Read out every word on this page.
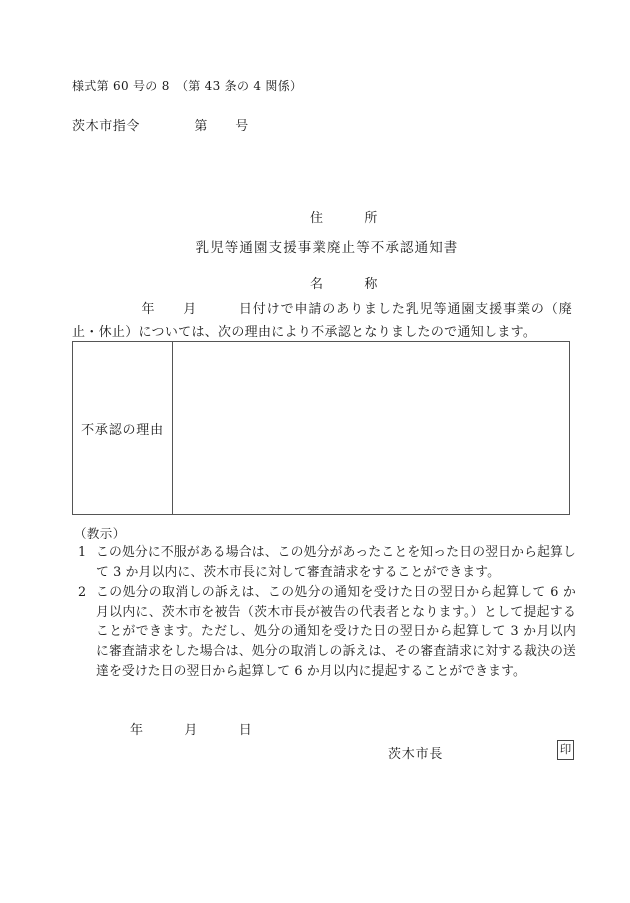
様式第 60 号の 8　（第 43 条の 4 関係）
茨木市指令　　　　第　　号

住　　　所

名　　　称

乳児等通園支援事業廃止等不承認通知書
　　　　　年　　月　　　日付けで申請のありました乳児等通園支援事業の（廃止・休止）については、次の理由により不承認となりましたので通知します。
不承認の理由
（教示）
1 この処分に不服がある場合は、この処分があったことを知った日の翌日から起算して 3 か月以内に、茨木市長に対して審査請求をすることができます。
2 この処分の取消しの訴えは、この処分の通知を受けた日の翌日から起算して 6 か月以内に、茨木市を被告（茨木市長が被告の代表者となります。）として提起することができます。ただし、処分の通知を受けた日の翌日から起算して 3 か月以内に審査請求をした場合は、処分の取消しの訴えは、その審査請求に対する裁決の送達を受けた日の翌日から起算して 6 か月以内に提起することができます。
年　　　月　　　日
茨木市長	印
